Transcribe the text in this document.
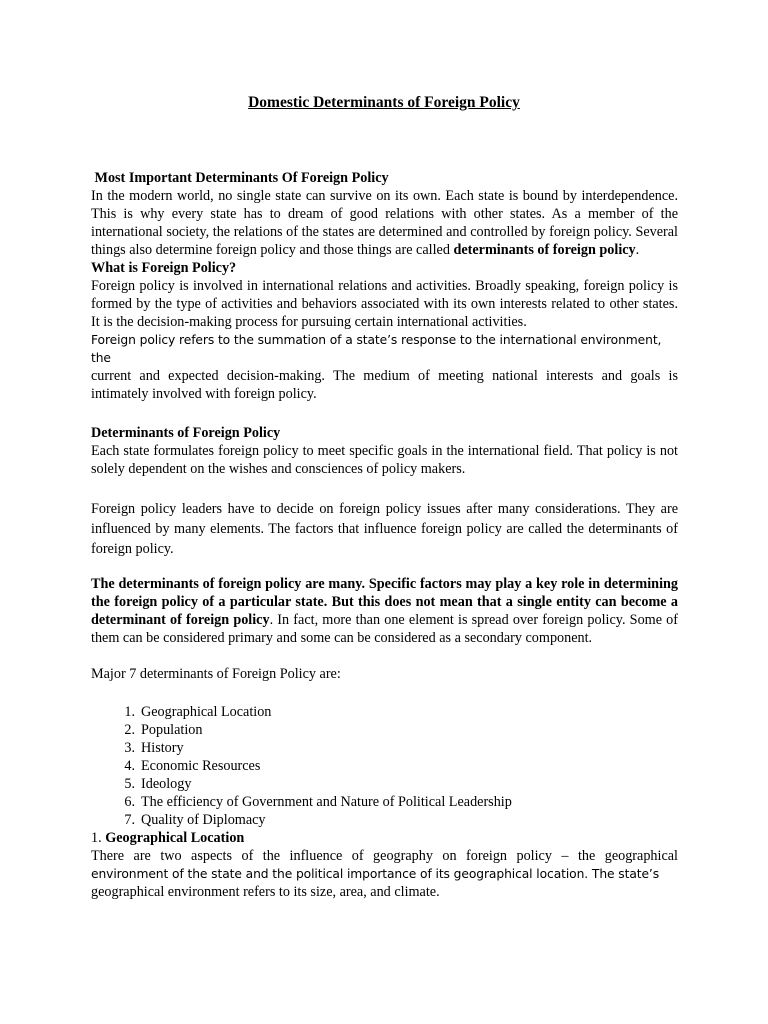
Domestic Determinants of Foreign Policy
Most Important Determinants Of Foreign Policy
In the modern world, no single state can survive on its own. Each state is bound by interdependence. This is why every state has to dream of good relations with other states. As a member of the international society, the relations of the states are determined and controlled by foreign policy. Several things also determine foreign policy and those things are called determinants of foreign policy.
What is Foreign Policy?
Foreign policy is involved in international relations and activities. Broadly speaking, foreign policy is formed by the type of activities and behaviors associated with its own interests related to other states. It is the decision-making process for pursuing certain international activities.
Foreign policy refers to the summation of a state’s response to the international environment, the
current and expected decision-making. The medium of meeting national interests and goals is intimately involved with foreign policy.
Determinants of Foreign Policy
Each state formulates foreign policy to meet specific goals in the international field. That policy is not solely dependent on the wishes and consciences of policy makers.
Foreign policy leaders have to decide on foreign policy issues after many considerations. They are influenced by many elements. The factors that influence foreign policy are called the determinants of foreign policy.
The determinants of foreign policy are many. Specific factors may play a key role in determining the foreign policy of a particular state. But this does not mean that a single entity can become a determinant of foreign policy. In fact, more than one element is spread over foreign policy. Some of them can be considered primary and some can be considered as a secondary component.
Major 7 determinants of Foreign Policy are:
1. Geographical Location
2. Population
3. History
4. Economic Resources
5. Ideology
6. The efficiency of Government and Nature of Political Leadership
7. Quality of Diplomacy
1. Geographical Location
There are two aspects of the influence of geography on foreign policy – the geographical
environment of the state and the political importance of its geographical location. The state’s
geographical environment refers to its size, area, and climate.
